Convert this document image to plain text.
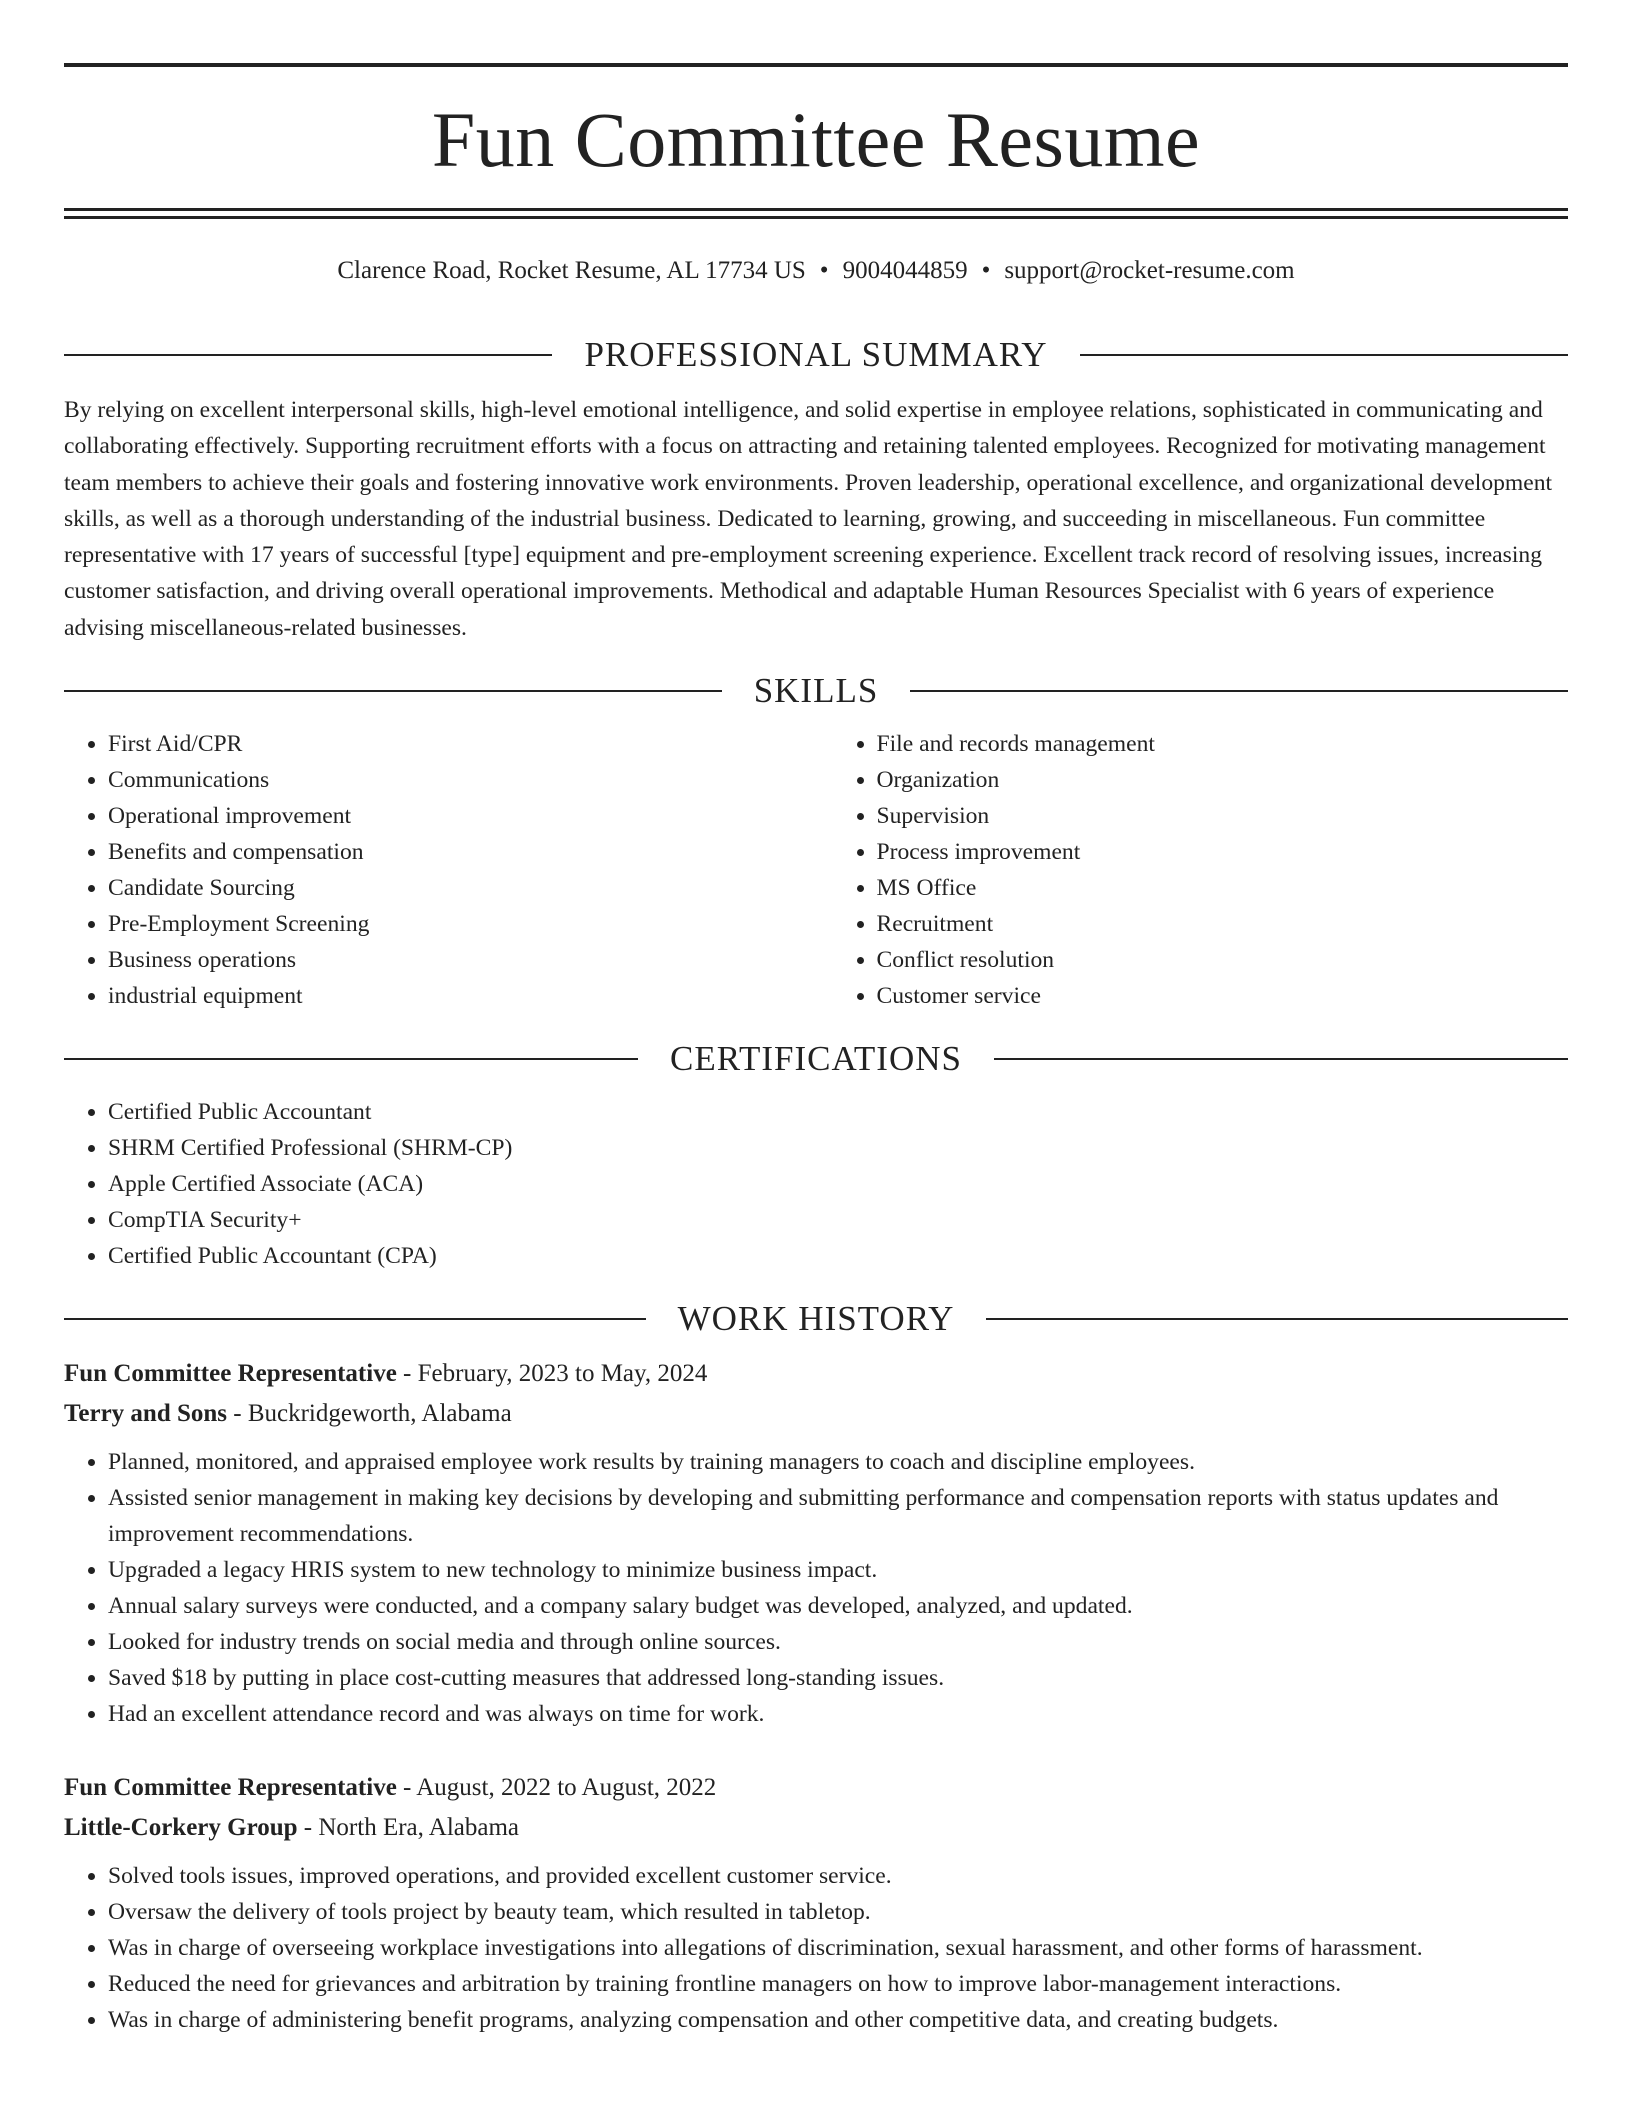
Fun Committee Resume
Clarence Road, Rocket Resume, AL 17734 US • 9004044859 • support@rocket-resume.com
PROFESSIONAL SUMMARY

By relying on excellent interpersonal skills, high-level emotional intelligence, and solid expertise in employee relations, sophisticated in communicating and collaborating effectively. Supporting recruitment efforts with a focus on attracting and retaining talented employees. Recognized for motivating management team members to achieve their goals and fostering innovative work environments. Proven leadership, operational excellence, and organizational development skills, as well as a thorough understanding of the industrial business. Dedicated to learning, growing, and succeeding in miscellaneous. Fun committee representative with 17 years of successful [type] equipment and pre-employment screening experience. Excellent track record of resolving issues, increasing customer satisfaction, and driving overall operational improvements. Methodical and adaptable Human Resources Specialist with 6 years of experience advising miscellaneous-related businesses.

SKILLS
• First Aid/CPR
• Communications
• Operational improvement
• Benefits and compensation
• Candidate Sourcing
• Pre-Employment Screening
• Business operations
• industrial equipment
• File and records management
• Organization
• Supervision
• Process improvement
• MS Office
• Recruitment
• Conflict resolution
• Customer service
CERTIFICATIONS
• Certified Public Accountant
• SHRM Certified Professional (SHRM-CP)
• Apple Certified Associate (ACA)
• CompTIA Security+
• Certified Public Accountant (CPA)
WORK HISTORY
Fun Committee Representative - February, 2023 to May, 2024
Terry and Sons - Buckridgeworth, Alabama
• Planned, monitored, and appraised employee work results by training managers to coach and discipline employees.
• Assisted senior management in making key decisions by developing and submitting performance and compensation reports with status updates and improvement recommendations.
• Upgraded a legacy HRIS system to new technology to minimize business impact.
• Annual salary surveys were conducted, and a company salary budget was developed, analyzed, and updated.
• Looked for industry trends on social media and through online sources.
• Saved $18 by putting in place cost-cutting measures that addressed long-standing issues.
• Had an excellent attendance record and was always on time for work.
Fun Committee Representative - August, 2022 to August, 2022
Little-Corkery Group - North Era, Alabama
• Solved tools issues, improved operations, and provided excellent customer service.
• Oversaw the delivery of tools project by beauty team, which resulted in tabletop.
• Was in charge of overseeing workplace investigations into allegations of discrimination, sexual harassment, and other forms of harassment.
• Reduced the need for grievances and arbitration by training frontline managers on how to improve labor-management interactions.
• Was in charge of administering benefit programs, analyzing compensation and other competitive data, and creating budgets.
